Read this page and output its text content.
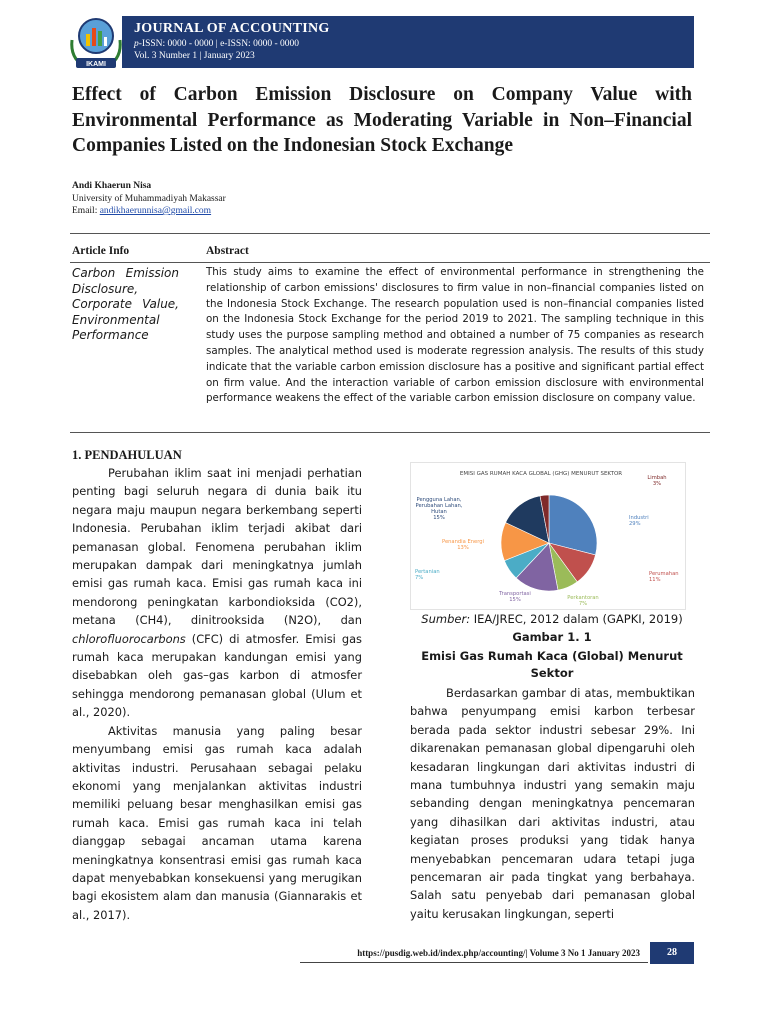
IKAMI
JOURNAL OF ACCOUNTING
p-ISSN: 0000 - 0000 | e-ISSN: 0000 - 0000
Vol. 3 Number 1 | January 2023
Effect of Carbon Emission Disclosure on Company Value with Environmental Performance as Moderating Variable in Non–Financial Companies Listed on the Indonesian Stock Exchange
Andi Khaerun Nisa
University of Muhammadiyah Makassar
Email: andikhaerunnisa@gmail.com
Article Info	Abstract
Carbon Emission Disclosure, Corporate Value, Environmental Performance
This study aims to examine the effect of environmental performance in strengthening the relationship of carbon emissions' disclosures to firm value in non–financial companies listed on the Indonesia Stock Exchange. The research population used is non–financial companies listed on the Indonesia Stock Exchange for the period 2019 to 2021. The sampling technique in this study uses the purpose sampling method and obtained a number of 75 companies as research samples. The analytical method used is moderate regression analysis. The results of this study indicate that the variable carbon emission disclosure has a positive and significant partial effect on firm value. And the interaction variable of carbon emission disclosure with environmental performance weakens the effect of the variable carbon emission disclosure on company value.
1. PENDAHULUAN

Perubahan iklim saat ini menjadi perhatian penting bagi seluruh negara di dunia baik itu negara maju maupun negara berkembang seperti Indonesia. Perubahan iklim terjadi akibat dari pemanasan global. Fenomena perubahan iklim merupakan dampak dari meningkatnya jumlah emisi gas rumah kaca. Emisi gas rumah kaca ini mendorong peningkatan karbondioksida (CO2), metana (CH4), dinitrooksida (N2O), dan chlorofluorocarbons (CFC) di atmosfer. Emisi gas rumah kaca merupakan kandungan emisi yang disebabkan oleh gas–gas karbon di atmosfer sehingga mendorong pemanasan global (Ulum et al., 2020).

Aktivitas manusia yang paling besar menyumbang emisi gas rumah kaca adalah aktivitas industri. Perusahaan sebagai pelaku ekonomi yang menjalankan aktivitas industri memiliki peluang besar menghasilkan emisi gas rumah kaca. Emisi gas rumah kaca ini telah dianggap sebagai ancaman utama karena meningkatnya konsentrasi emisi gas rumah kaca dapat menyebabkan konsekuensi yang merugikan bagi ekosistem alam dan manusia (Giannarakis et al., 2017).

EMISI GAS RUMAH KACA GLOBAL (GHG) MENURUT SEKTOR
Industri 29%
Perumahan 11%
Perkantoran 7%
Transportasi 15%
Pertanian 7%
Penandia Energi 13%
Pengguna Lahan, Perubahan Lahan, Hutan 15%
Limbah 3%
Sumber: IEA/JREC, 2012 dalam (GAPKI, 2019)
Gambar 1. 1
Emisi Gas Rumah Kaca (Global) Menurut Sektor

Berdasarkan gambar di atas, membuktikan bahwa penyumpang emisi karbon terbesar berada pada sektor industri sebesar 29%. Ini dikarenakan pemanasan global dipengaruhi oleh kesadaran lingkungan dari aktivitas industri di mana tumbuhnya industri yang semakin maju sebanding dengan meningkatnya pencemaran yang dihasilkan dari aktivitas industri, atau kegiatan proses produksi yang tidak hanya menyebabkan pencemaran udara tetapi juga pencemaran air pada tingkat yang berbahaya. Salah satu penyebab dari pemanasan global yaitu kerusakan lingkungan, seperti

https://pusdig.web.id/index.php/accounting/| Volume 3 No 1 January 2023	28
